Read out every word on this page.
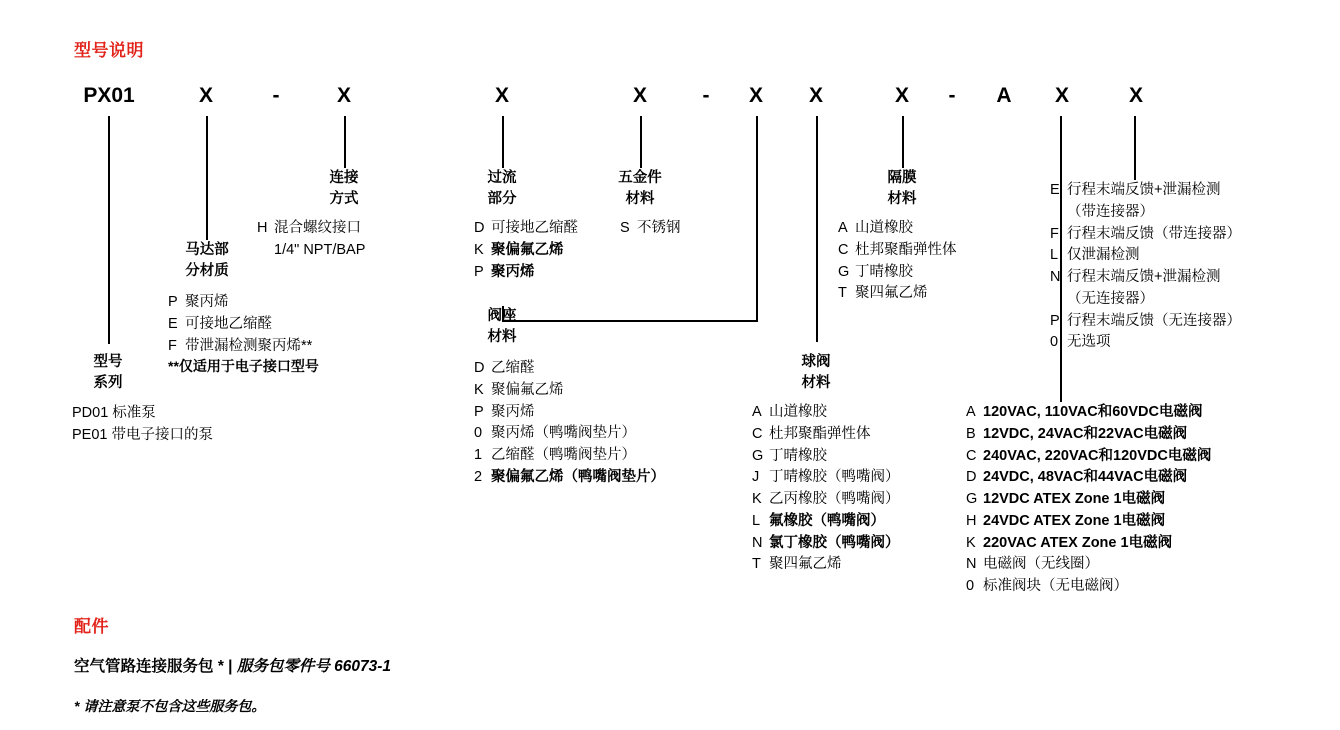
型号说明
PX01	X	-	X	X	X	-	X	X	X	-	A	X	X
型号
系列
PD01 标准泵
PE01 带电子接口的泵
马达部
分材质
P 聚丙烯
E 可接地乙缩醛
F 带泄漏检测聚丙烯**
**仅适用于电子接口型号
连接
方式
H 混合螺纹接口
1/4" NPT/BAP
过流
部分
D 可接地乙缩醛
K 聚偏氟乙烯
P 聚丙烯
五金件
材料
S 不锈钢
阀座
材料
D 乙缩醛
K 聚偏氟乙烯
P 聚丙烯
0 聚丙烯（鸭嘴阀垫片）
1 乙缩醛（鸭嘴阀垫片）
2 聚偏氟乙烯（鸭嘴阀垫片）
球阀
材料
A 山道橡胶
C 杜邦聚酯弹性体
G 丁晴橡胶
J 丁晴橡胶（鸭嘴阀）
K 乙丙橡胶（鸭嘴阀）
L 氟橡胶（鸭嘴阀）
N 氯丁橡胶（鸭嘴阀）
T 聚四氟乙烯
隔膜
材料
A 山道橡胶
C 杜邦聚酯弹性体
G 丁晴橡胶
T 聚四氟乙烯
A 120VAC, 110VAC和60VDC电磁阀
B 12VDC, 24VAC和22VAC电磁阀
C 240VAC, 220VAC和120VDC电磁阀
D 24VDC, 48VAC和44VAC电磁阀
G 12VDC ATEX Zone 1电磁阀
H 24VDC ATEX Zone 1电磁阀
K 220VAC ATEX Zone 1电磁阀
N 电磁阀（无线圈）
0 标准阀块（无电磁阀）
E 行程末端反馈+泄漏检测
（带连接器）
F 行程末端反馈（带连接器）
L 仅泄漏检测
N 行程末端反馈+泄漏检测
（无连接器）
P 行程末端反馈（无连接器）
0 无选项
配件
空气管路连接服务包 * | 服务包零件号 66073-1
* 请注意泵不包含这些服务包。
